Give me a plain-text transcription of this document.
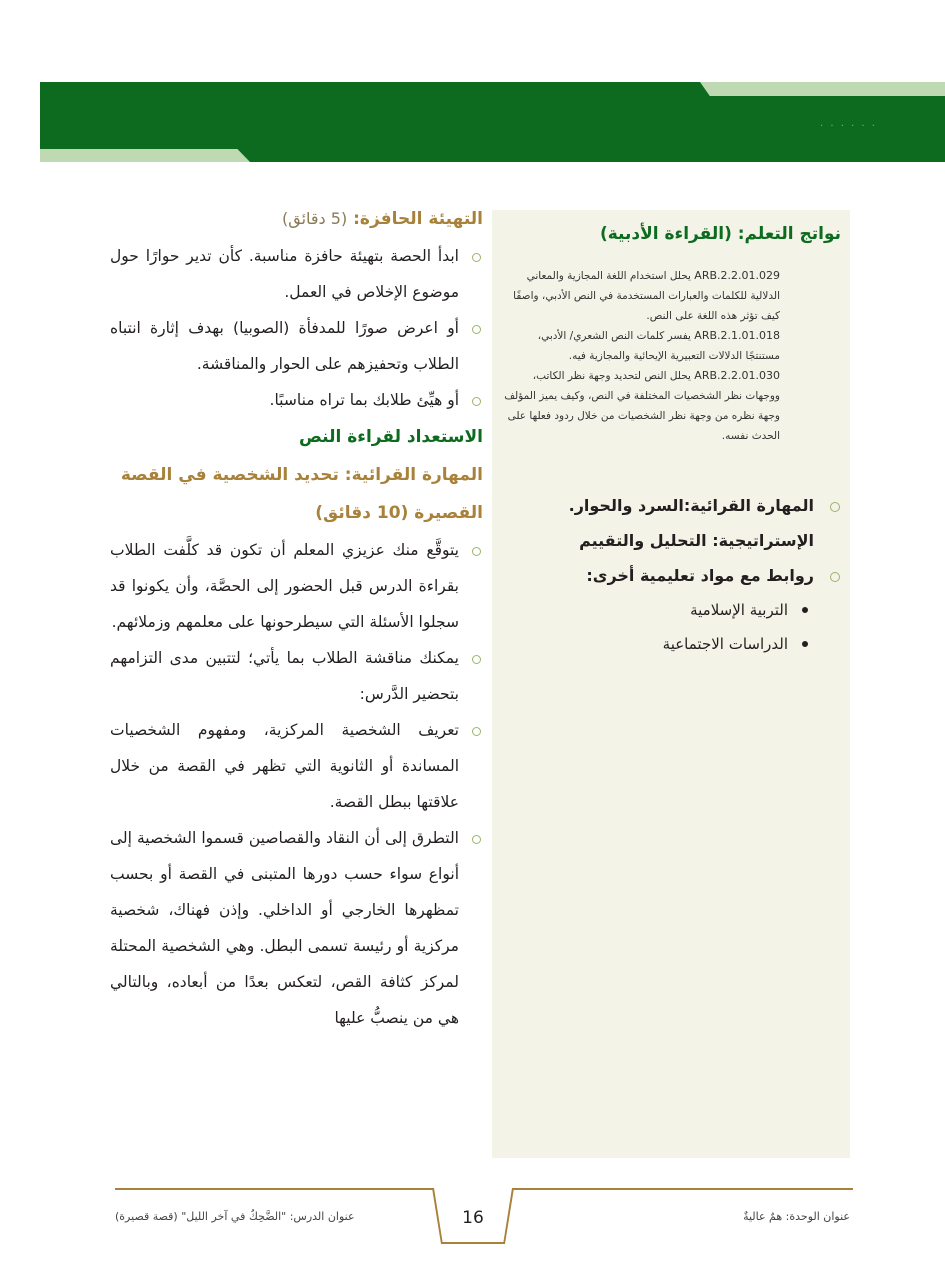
. . . . . .
نواتج التعلم: (القراءة الأدبية)

ARB.2.2.01.029 يحلل استخدام اللغة المجازية والمعاني الدلالية للكلمات والعبارات المستخدمة في النص الأدبي، واصفًا كيف تؤثر هذه اللغة على النص.

ARB.2.1.01.018 يفسر كلمات النص الشعري/ الأدبي، مستنتجًا الدلالات التعبيرية الإيحائية والمجازية فيه.

ARB.2.2.01.030 يحلل النص لتحديد وجهة نظر الكاتب، ووجهات نظر الشخصيات المختلفة في النص، وكيف يميز المؤلف وجهة نظره من وجهة نظر الشخصيات من خلال ردود فعلها على الحدث نفسه.

المهارة القرائية:السرد والحوار.
الإستراتيجية: التحليل والتقييم
روابط مع مواد تعليمية أخرى:
التربية الإسلامية
الدراسات الاجتماعية

التهيئة الحافزة: (5 دقائق)

ابدأ الحصة بتهيئة حافزة مناسبة. كأن تدير حوارًا حول موضوع الإخلاص في العمل.
أو اعرض صورًا للمدفأة (الصوبيا) بهدف إثارة انتباه الطلاب وتحفيزهم على الحوار والمناقشة.
أو هيِّئ طلابك بما تراه مناسبًا.

الاستعداد لقراءة النص

المهارة القرائية: تحديد الشخصية في القصة القصيرة (10 دقائق)

يتوقَّع منك عزيزي المعلم أن تكون قد كلَّفت الطلاب بقراءة الدرس قبل الحضور إلى الحصَّة، وأن يكونوا قد سجلوا الأسئلة التي سيطرحونها على معلمهم وزملائهم.
يمكنك مناقشة الطلاب بما يأتي؛ لتتبين مدى التزامهم بتحضير الدَّرس:
تعريف الشخصية المركزية، ومفهوم الشخصيات المساندة أو الثانوية التي تظهر في القصة من خلال علاقتها ببطل القصة.
التطرق إلى أن النقاد والقصاصين قسموا الشخصية إلى أنواع سواء حسب دورها المتبنى في القصة أو بحسب تمظهرها الخارجي أو الداخلي. وإذن فهناك، شخصية مركزية أو رئيسة تسمى البطل. وهي الشخصية المحتلة لمركز كثافة القص، لتعكس بعدًا من أبعاده، وبالتالي هي من ينصبُّ عليها
16
عنوان الدرس: "الضَّحِكُ في آخر الليل" (قصة قصيرة)	عنوان الوحدة: همٌ عاليةٌ
